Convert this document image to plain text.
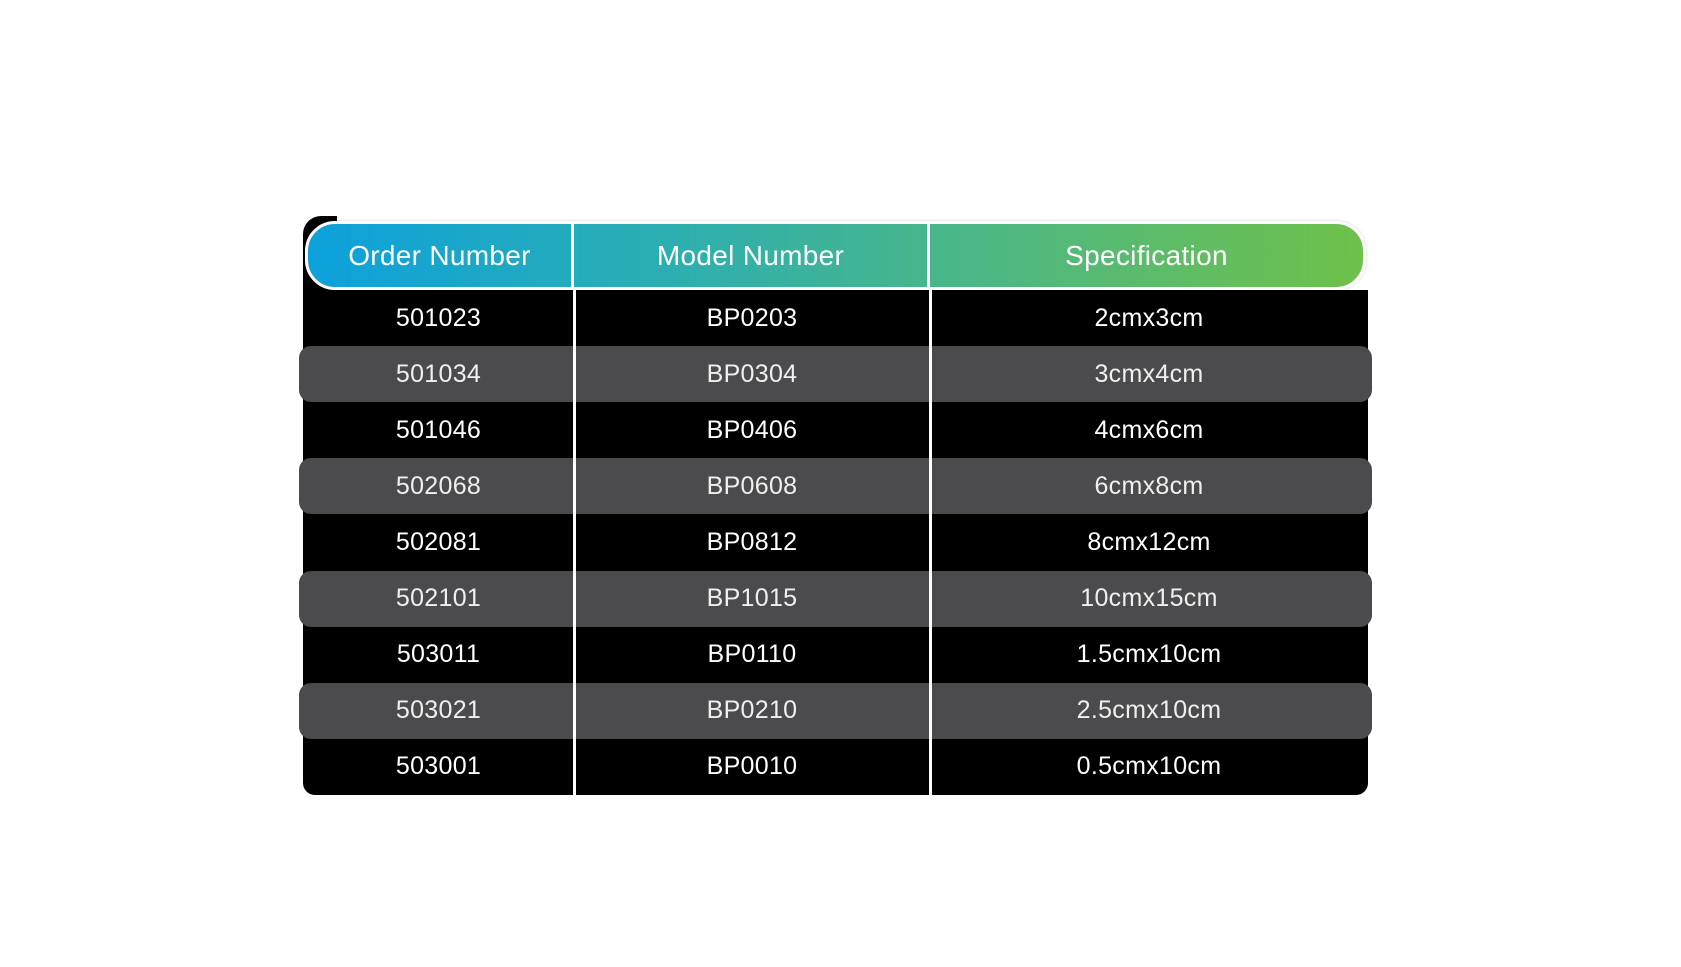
Order Number	Model Number	Specification
501023	BP0203	2cmx3cm
501034	BP0304	3cmx4cm
501046	BP0406	4cmx6cm
502068	BP0608	6cmx8cm
502081	BP0812	8cmx12cm
502101	BP1015	10cmx15cm
503011	BP0110	1.5cmx10cm
503021	BP0210	2.5cmx10cm
503001	BP0010	0.5cmx10cm
